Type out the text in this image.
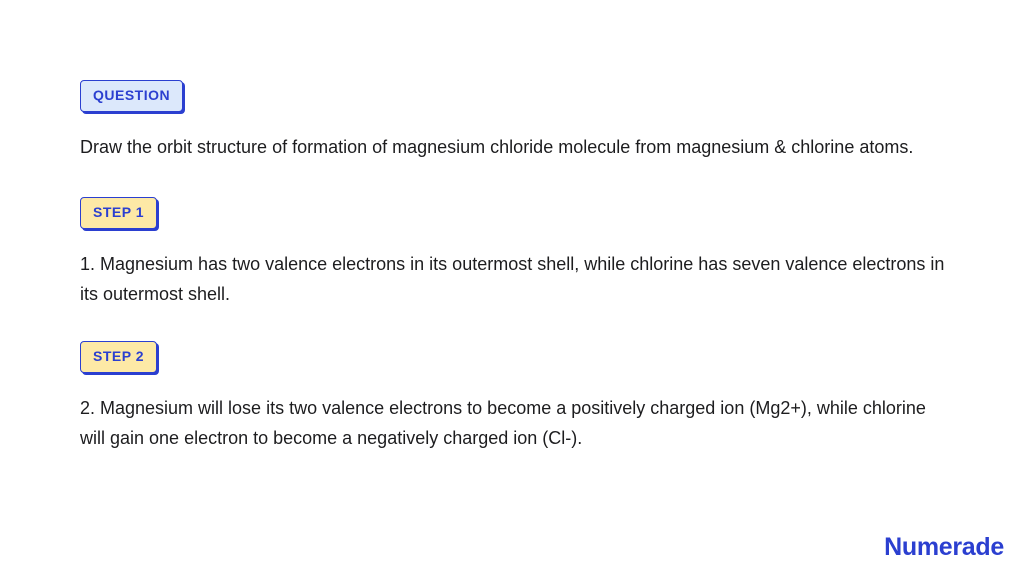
QUESTION

Draw the orbit structure of formation of magnesium chloride molecule from magnesium & chlorine atoms.

STEP 1

1. Magnesium has two valence electrons in its outermost shell, while chlorine has seven valence electrons in its outermost shell.

STEP 2

2. Magnesium will lose its two valence electrons to become a positively charged ion (Mg2+), while chlorine will gain one electron to become a negatively charged ion (Cl-).

Numerade
